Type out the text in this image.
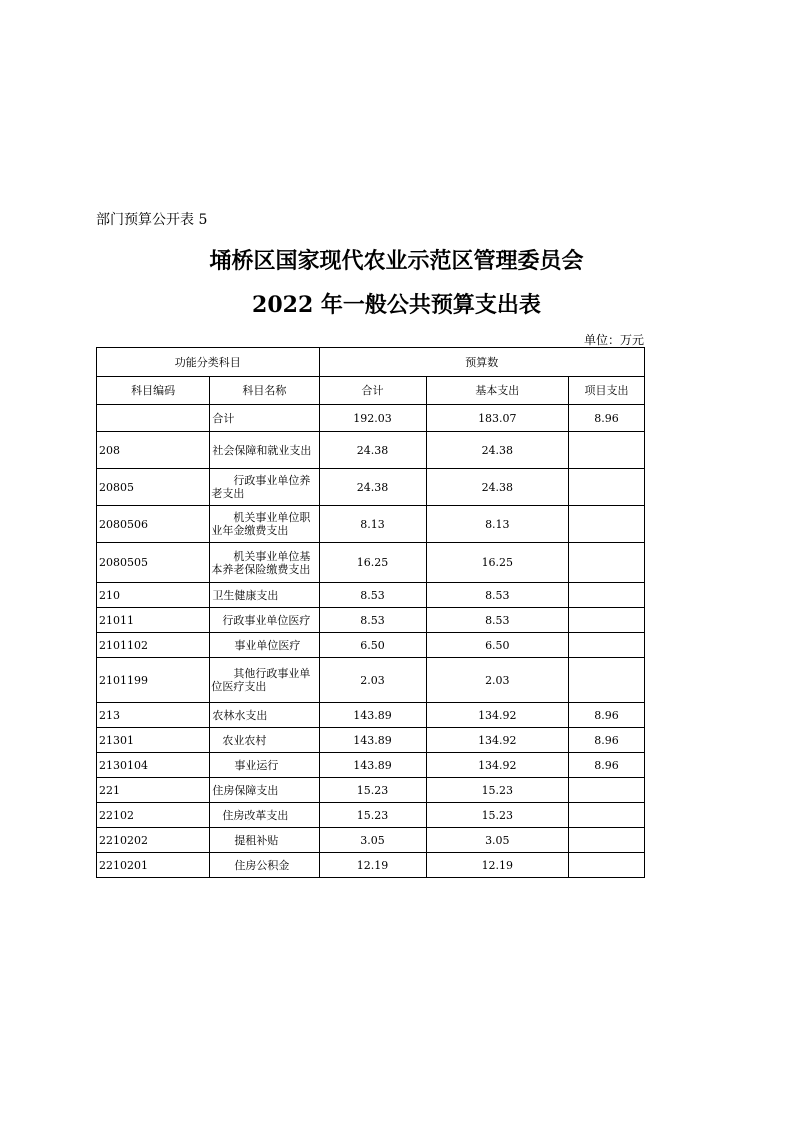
部门预算公开表 5
埇桥区国家现代农业示范区管理委员会
2022 年一般公共预算支出表
单位：万元
功能分类科目		预算数		
科目编码	科目名称	合计	基本支出	项目支出
	合计	192.03	183.07	8.96
208	社会保障和就业支出	24.38	24.38	
20805	行政事业单位养老支出	24.38	24.38	
2080506	机关事业单位职业年金缴费支出	8.13	8.13	
2080505	机关事业单位基本养老保险缴费支出	16.25	16.25	
210	卫生健康支出	8.53	8.53	
21011	行政事业单位医疗	8.53	8.53	
2101102	事业单位医疗	6.50	6.50	
2101199	其他行政事业单位医疗支出	2.03	2.03	
213	农林水支出	143.89	134.92	8.96
21301	农业农村	143.89	134.92	8.96
2130104	事业运行	143.89	134.92	8.96
221	住房保障支出	15.23	15.23	
22102	住房改革支出	15.23	15.23	
2210202	提租补贴	3.05	3.05	
2210201	住房公积金	12.19	12.19	
